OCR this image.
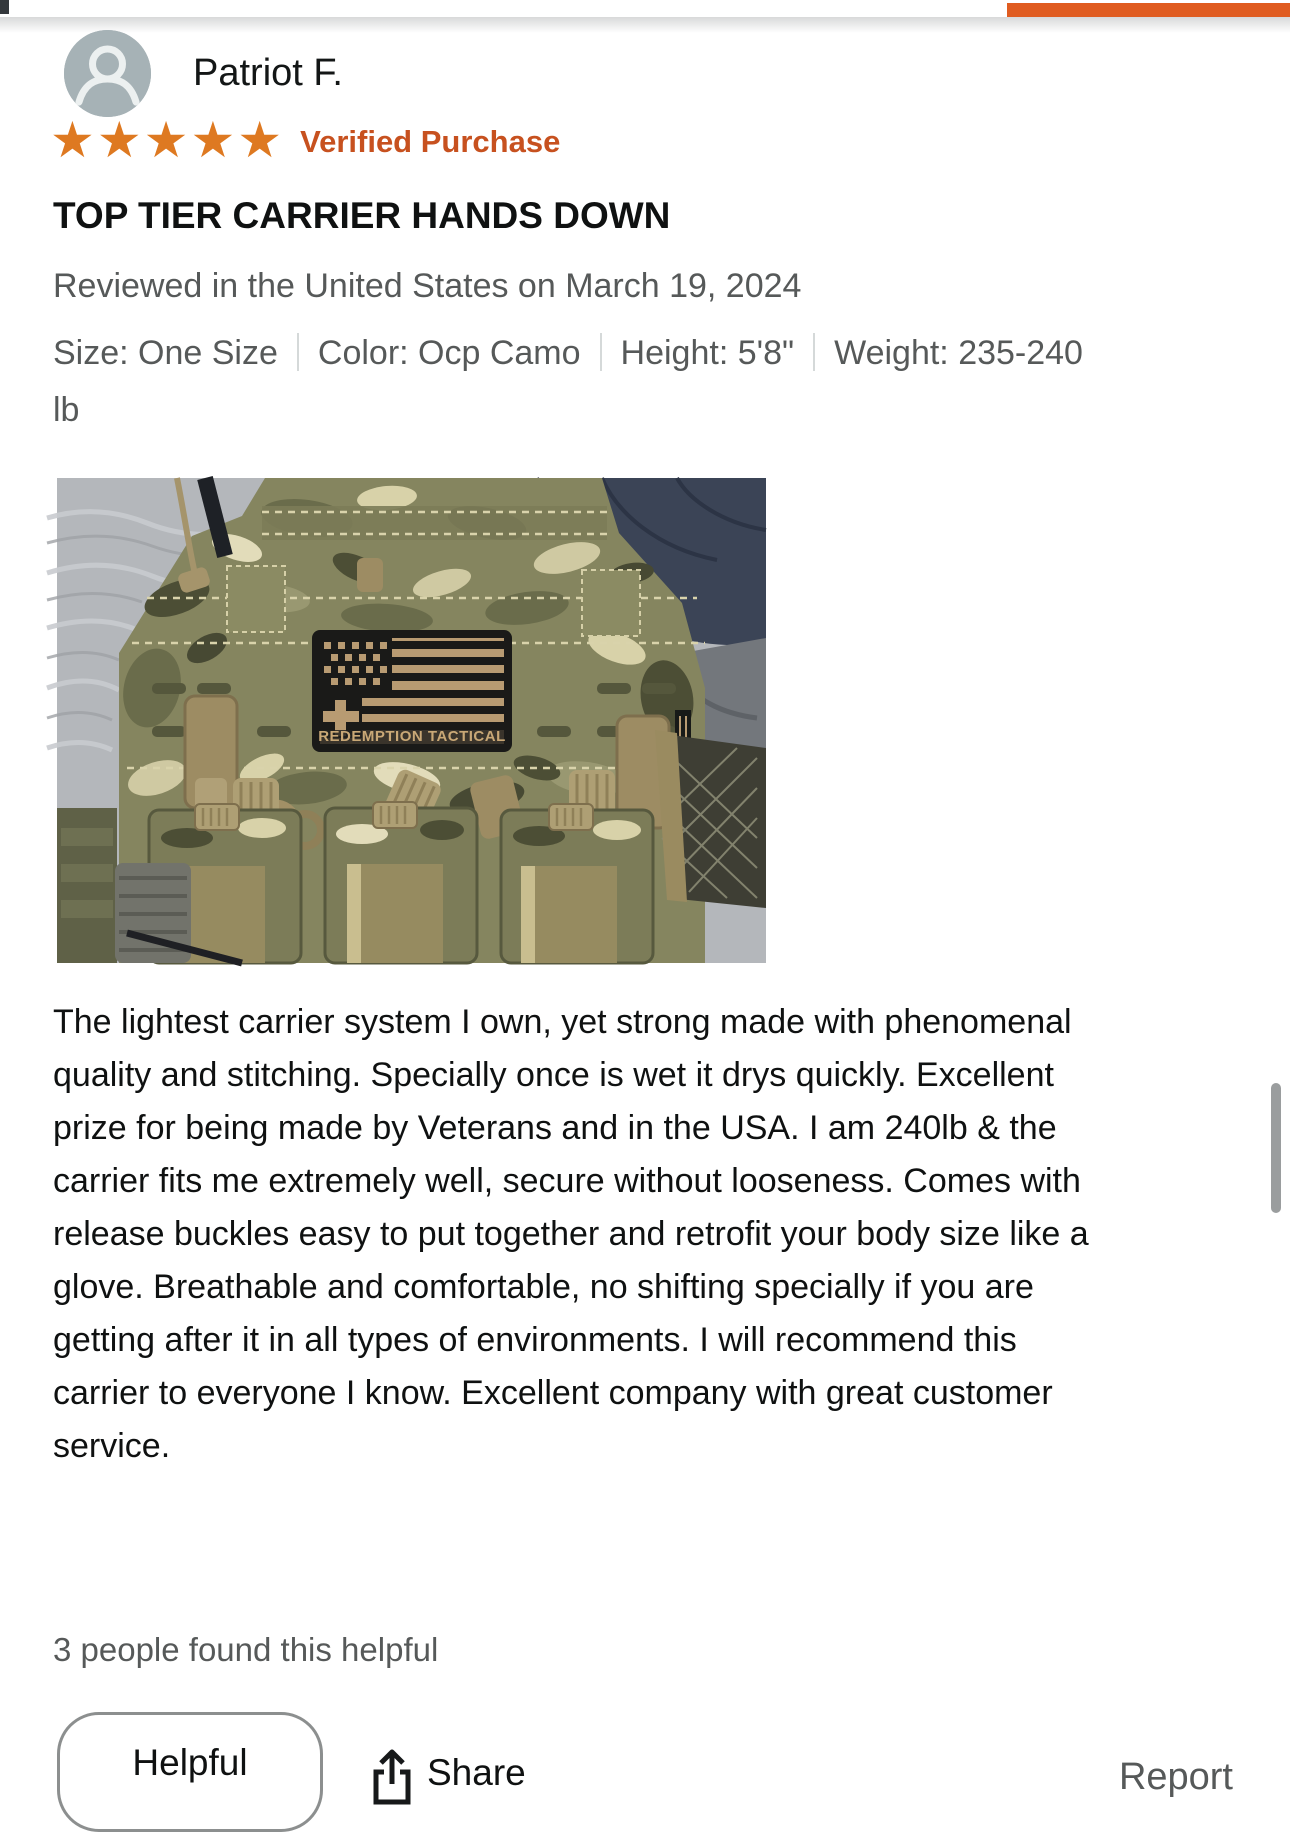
Patriot F.
★★★★★ Verified Purchase
TOP TIER CARRIER HANDS DOWN
Reviewed in the United States on March 19, 2024
Size: One Size Color: Ocp Camo Height: 5'8" Weight: 235-240 lb
REDEMPTION TACTICAL
The lightest carrier system I own, yet strong made with phenomenal quality and stitching. Specially once is wet it drys quickly. Excellent prize for being made by Veterans and in the USA. I am 240lb & the carrier fits me extremely well, secure without looseness. Comes with release buckles easy to put together and retrofit your body size like a glove. Breathable and comfortable, no shifting specially if you are getting after it in all types of environments. I will recommend this carrier to everyone I know. Excellent company with great customer service.
3 people found this helpful
Helpful	Share	Report
